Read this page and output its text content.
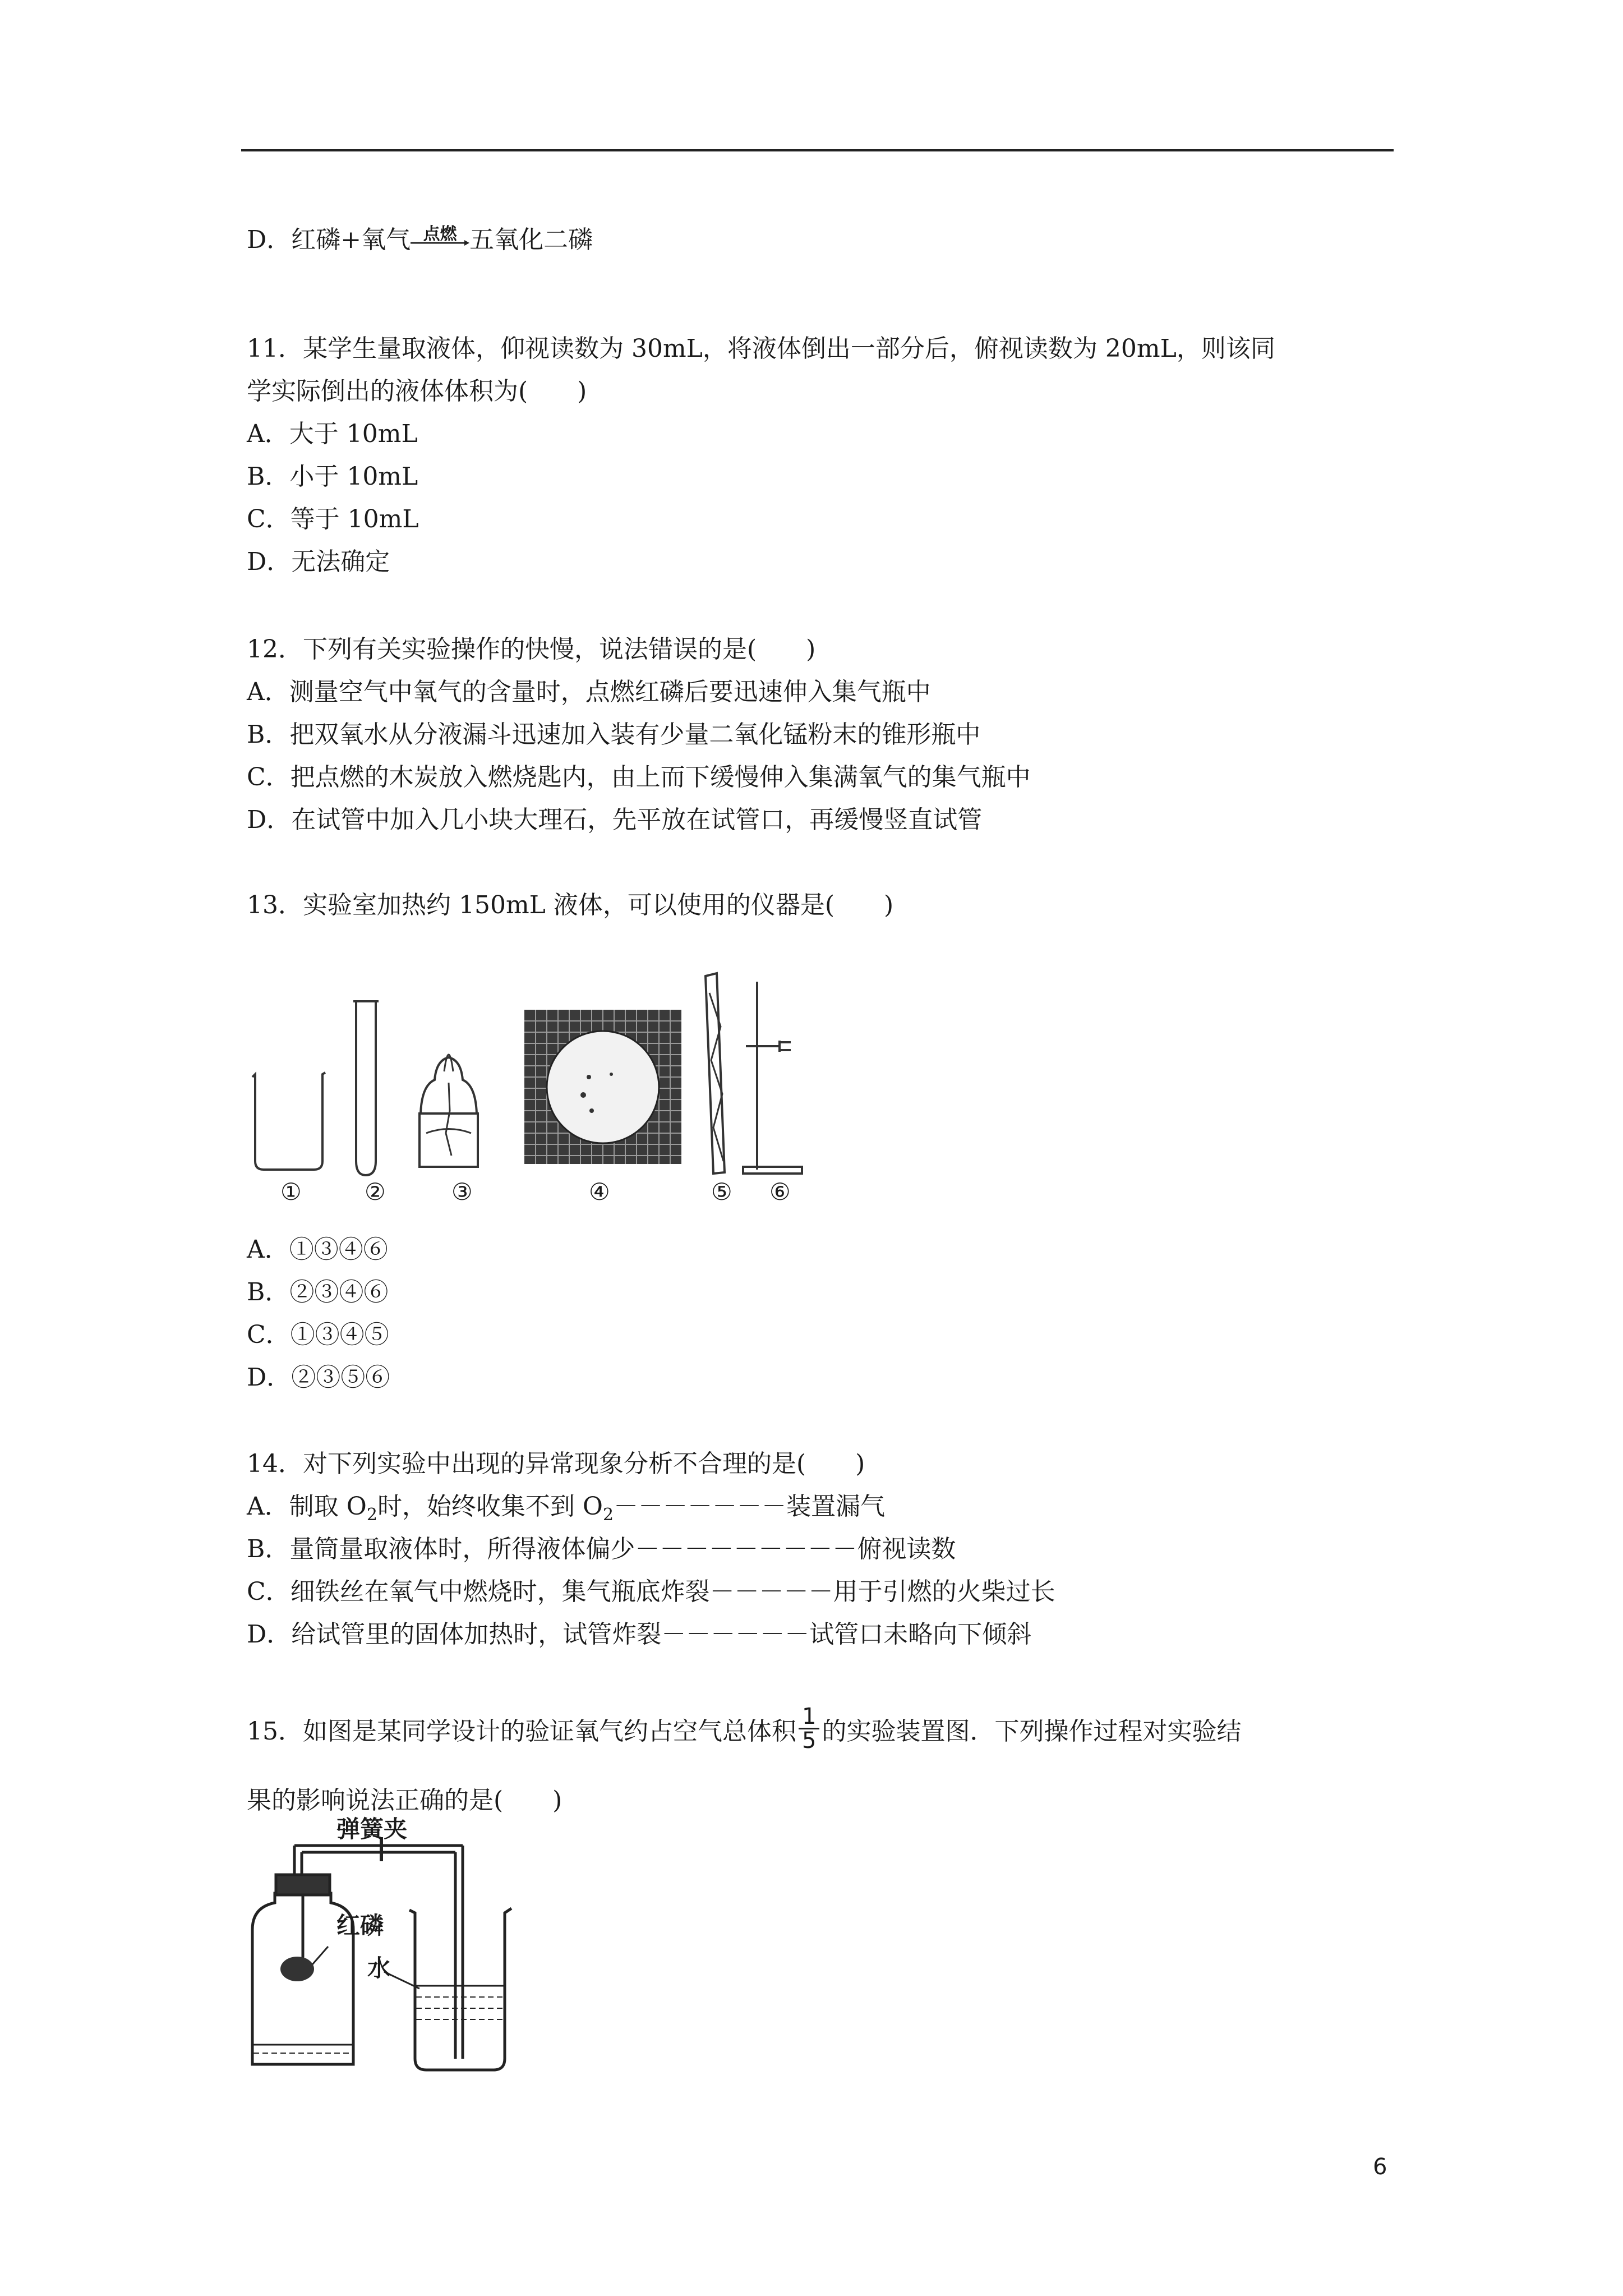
D．红磷+氧气 点燃 五氧化二磷
11．某学生量取液体，仰视读数为 30mL，将液体倒出一部分后，俯视读数为 20mL，则该同
学实际倒出的液体体积为(　　)
A．大于 10mL
B．小于 10mL
C．等于 10mL
D．无法确定
12．下列有关实验操作的快慢，说法错误的是(　　)
A．测量空气中氧气的含量时，点燃红磷后要迅速伸入集气瓶中
B．把双氧水从分液漏斗迅速加入装有少量二氧化锰粉末的锥形瓶中
C．把点燃的木炭放入燃烧匙内，由上而下缓慢伸入集满氧气的集气瓶中
D．在试管中加入几小块大理石，先平放在试管口，再缓慢竖直试管
13．实验室加热约 150mL 液体，可以使用的仪器是(　　)
①	②	③	④	⑤ ⑥
A．①③④⑥
B．②③④⑥
C．①③④⑤
D．②③⑤⑥
14．对下列实验中出现的异常现象分析不合理的是(　　)
A．制取 $O_2$时，始终收集不到 $O_2-------$装置漏气
B．量筒量取液体时，所得液体偏少－－－－－－－－－俯视读数
C．细铁丝在氧气中燃烧时，集气瓶底炸裂－－－－－用于引燃的火柴过长
D．给试管里的固体加热时，试管炸裂－－－－－－试管口未略向下倾斜
15．如图是某同学设计的验证氧气约占空气总体积 $\frac{1}{5}$ 的实验装置图．下列操作过程对实验结
果的影响说法正确的是(　　)
弹簧夹
红磷
水
6
